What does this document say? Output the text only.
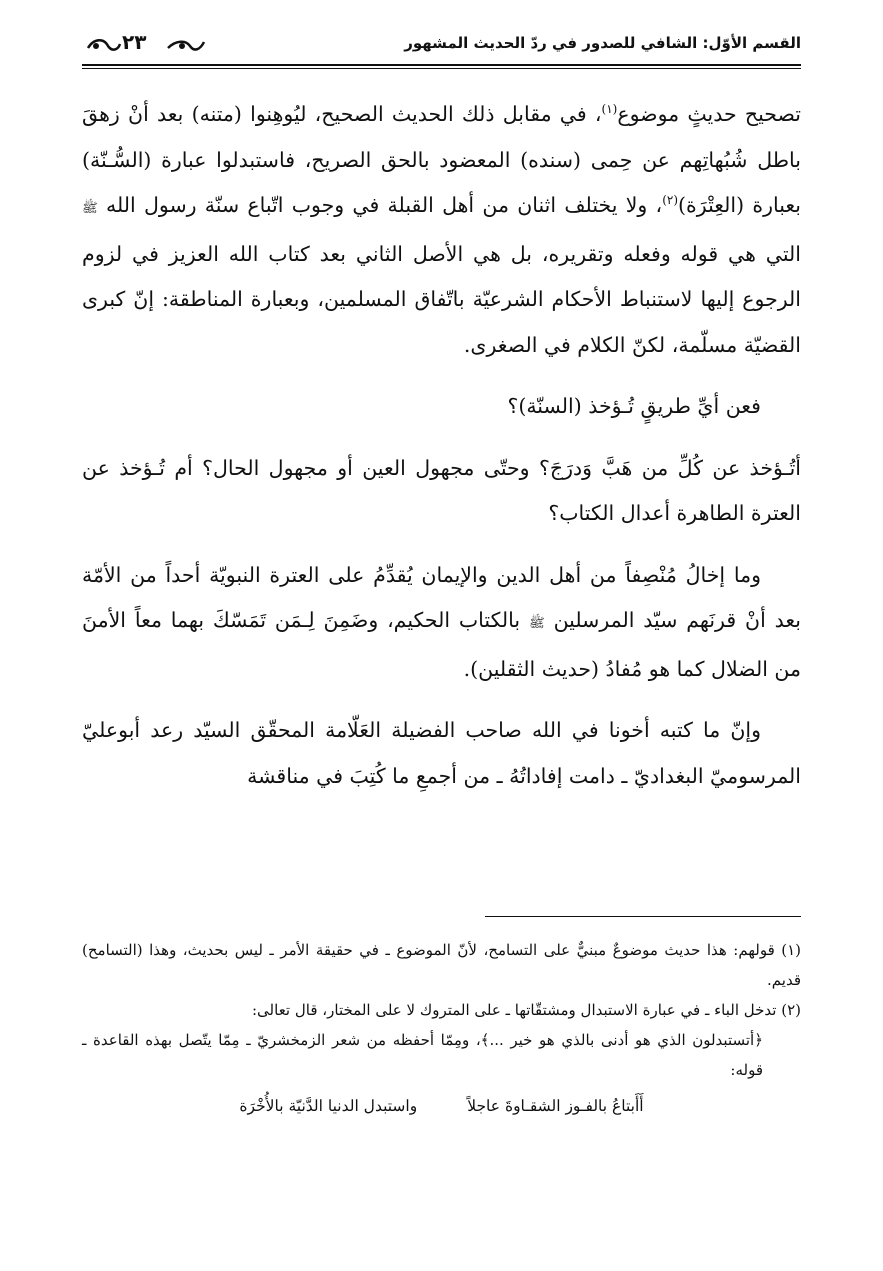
القسم الأوّل: الشافي للصدور في ردّ الحديث المشهور
٢٣

تصحيح حديثٍ موضوع$^{(١)}$، في مقابل ذلك الحديث الصحيح، ليُوهِنوا (متنه) بعد أنْ زهقَ باطل شُبُهاتِهم عن حِمى (سنده) المعضود بالحق الصريح، فاستبدلوا عبارة (السُّـنّة) بعبارة (العِتْرَة)$^{(٢)}$، ولا يختلف اثنان من أهل القبلة في وجوب اتّباع سنّة رسول الله ﷺ التي هي قوله وفعله وتقريره، بل هي الأصل الثاني بعد كتاب الله العزيز في لزوم الرجوع إليها لاستنباط الأحكام الشرعيّة باتّفاق المسلمين، وبعبارة المناطقة: إنّ كبرى القضيّة مسلّمة، لكنّ الكلام في الصغرى.

فعن أيِّ طريقٍ تُـؤخذ (السنّة)؟

أتُـؤخذ عن كُلِّ من هَبَّ وَدرَجَ؟ وحتّى مجهول العين أو مجهول الحال؟ أم تُـؤخذ عن العترة الطاهرة أعدال الكتاب؟

وما إخالُ مُنْصِفاً من أهل الدين والإيمان يُقدِّمُ على العترة النبويّة أحداً من الأمّة بعد أنْ قرنَهم سيّد المرسلين ﷺ بالكتاب الحكيم، وضَمِنَ لِـمَن تَمَسّكَ بهما معاً الأمنَ من الضلال كما هو مُفادُ (حديث الثقلين).

وإنّ ما كتبه أخونا في الله صاحب الفضيلة العَلّامة المحقّق السيّد رعد أبوعليّ المرسوميّ البغداديّ ـ دامت إفاداتُهُ ـ من أجمعِ ما كُتِبَ في مناقشة

(١) قولهم: هذا حديث موضوعٌ مبنيٌّ على التسامح، لأنّ الموضوع ـ في حقيقة الأمر ـ ليس بحديث، وهذا (التسامح) قديم.

(٢) تدخل الباء ـ في عبارة الاستبدال ومشتقّاتها ـ على المتروك لا على المختار، قال تعالى:

﴿أتستبدلون الذي هو أدنى بالذي هو خير ...﴾، ومِمّا أحفظه من شعر الزمخشريّ ـ مِمّا يتّصل بهذه القاعدة ـ قوله:

أَأَبتاعُ بالفـوز الشقـاوةَ عاجلاً
واستبدل الدنيا الدَّنيّة بالأُخْرَة
